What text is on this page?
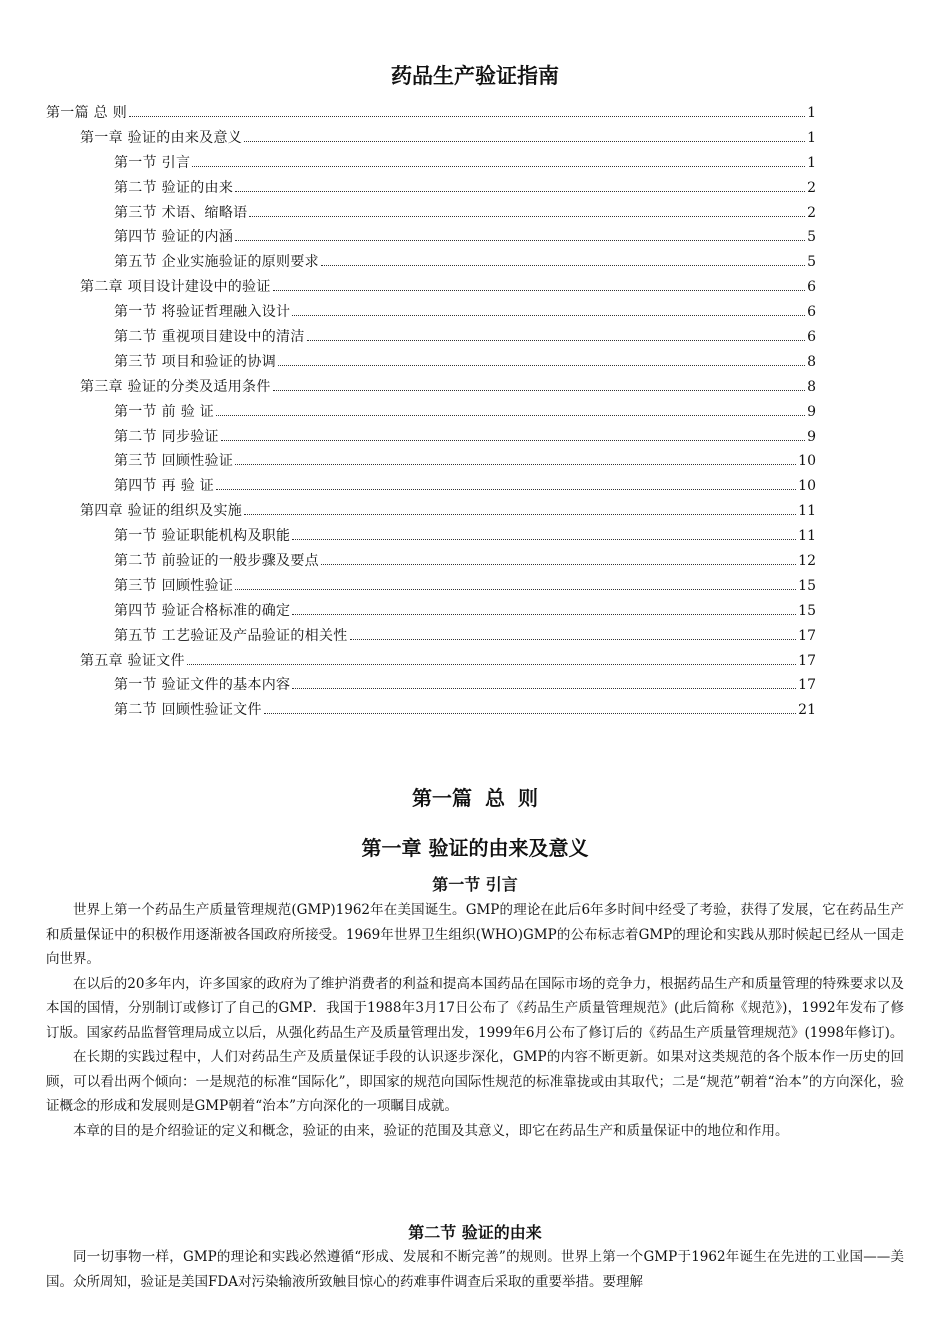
药品生产验证指南
第一篇 总 则	1
第一章 验证的由来及意义	1
第一节 引言	1
第二节 验证的由来	2
第三节 术语、缩略语	2
第四节 验证的内涵	5
第五节 企业实施验证的原则要求	5
第二章 项目设计建设中的验证	6
第一节 将验证哲理融入设计	6
第二节 重视项目建设中的清洁	6
第三节 项目和验证的协调	8
第三章 验证的分类及适用条件	8
第一节 前 验 证	9
第二节 同步验证	9
第三节 回顾性验证	10
第四节 再 验 证	10
第四章 验证的组织及实施	11
第一节 验证职能机构及职能	11
第二节 前验证的一般步骤及要点	12
第三节 回顾性验证	15
第四节 验证合格标准的确定	15
第五节 工艺验证及产品验证的相关性	17
第五章 验证文件	17
第一节 验证文件的基本内容	17
第二节 回顾性验证文件	21
第一篇 总 则
第一章 验证的由来及意义
第一节 引言

世界上第一个药品生产质量管理规范(GMP)1962年在美国诞生。GMP的理论在此后6年多时间中经受了考验，获得了发展，它在药品生产和质量保证中的积极作用逐渐被各国政府所接受。1969年世界卫生组织(WHO)GMP的公布标志着GMP的理论和实践从那时候起已经从一国走向世界。

在以后的20多年内，许多国家的政府为了维护消费者的利益和提高本国药品在国际市场的竞争力，根据药品生产和质量管理的特殊要求以及本国的国情，分别制订或修订了自己的GMP．我国于1988年3月17日公布了《药品生产质量管理规范》(此后简称《规范》)，1992年发布了修订版。国家药品监督管理局成立以后，从强化药品生产及质量管理出发，1999年6月公布了修订后的《药品生产质量管理规范》(1998年修订)。

在长期的实践过程中，人们对药品生产及质量保证手段的认识逐步深化，GMP的内容不断更新。如果对这类规范的各个版本作一历史的回顾，可以看出两个倾向：一是规范的标准“国际化”，即国家的规范向国际性规范的标准靠拢或由其取代；二是“规范”朝着“治本”的方向深化，验证概念的形成和发展则是GMP朝着“治本”方向深化的一项瞩目成就。

本章的目的是介绍验证的定义和概念，验证的由来，验证的范围及其意义，即它在药品生产和质量保证中的地位和作用。

第二节 验证的由来

同一切事物一样，GMP的理论和实践必然遵循“形成、发展和不断完善”的规则。世界上第一个GMP于1962年诞生在先进的工业国——美国。众所周知，验证是美国FDA对污染输液所致触目惊心的药难事件调查后采取的重要举措。要理解
